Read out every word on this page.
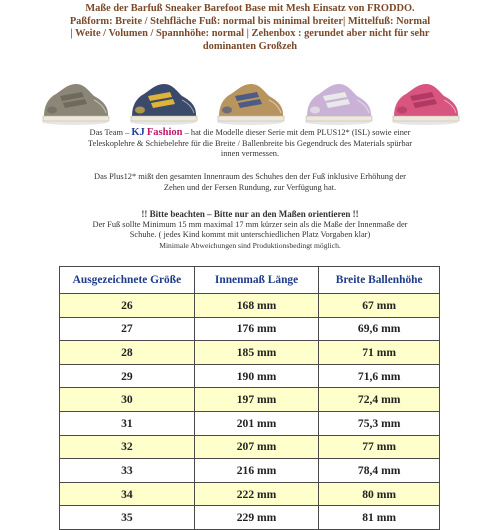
Maße der Barfuß Sneaker Barefoot Base mit Mesh Einsatz von FRODDO.
Paßform: Breite / Stehfläche Fuß: normal bis minimal breiter| Mittelfuß: Normal
| Weite / Volumen / Spannhöhe: normal | Zehenbox : gerundet aber nicht für sehr
dominanten Großzeh
Das Team – KJ Fashion – hat die Modelle dieser Serie mit dem PLUS12* (ISL) sowie einer
Teleskoplehre & Schiebelehre für die Breite / Ballenbreite bis Gegendruck des Materials spürbar
innen vermessen.
Das Plus12* mißt den gesamten Innenraum des Schuhes den der Fuß inklusive Erhöhung der
Zehen und der Fersen Rundung, zur Verfügung hat.
!! Bitte beachten – Bitte nur an den Maßen orientieren !!
Der Fuß sollte Minimum 15 mm maximal 17 mm kürzer sein als die Maße der Innenmaße der
Schuhe. ( jedes Kind kommt mit unterschiedlichen Platz Vorgaben klar)
Minimale Abweichungen sind Produktionsbedingt möglich.
Ausgezeichnete Größe	Innenmaß Länge	Breite Ballenhöhe
26	168 mm	67 mm
27	176 mm	69,6 mm
28	185 mm	71 mm
29	190 mm	71,6 mm
30	197 mm	72,4 mm
31	201 mm	75,3 mm
32	207 mm	77 mm
33	216 mm	78,4 mm
34	222 mm	80 mm
35	229 mm	81 mm
